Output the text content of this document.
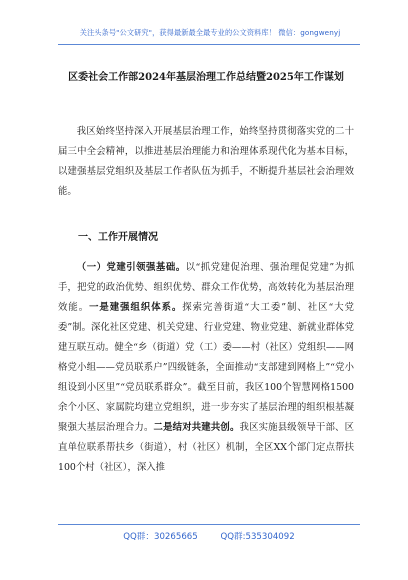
关注头条号"公文研究"，获得最新最全最专业的公文资料库！ 微信：gongwenyj
区委社会工作部2024年基层治理工作总结暨2025年工作谋划
我区始终坚持深入开展基层治理工作，始终坚持贯彻落实党的二十届三中全会精神，以推进基层治理能力和治理体系现代化为基本目标，以建强基层党组织及基层工作者队伍为抓手，不断提升基层社会治理效能。
一、工作开展情况
（一）党建引领强基础。以“抓党建促治理、强治理促党建”为抓手，把党的政治优势、组织优势、群众工作优势，高效转化为基层治理效能。一是建强组织体系。探索完善街道“大工委”制、社区“大党委”制。深化社区党建、机关党建、行业党建、物业党建、新就业群体党建互联互动。健全“乡（街道）党（工）委——村（社区）党组织——网格党小组——党员联系户”四级链条，全面推动“支部建到网格上”“党小组设到小区里”“党员联系群众”。截至目前，我区100个智慧网格1500余个小区、家属院均建立党组织，进一步夯实了基层治理的组织根基凝聚强大基层治理合力。二是结对共建共创。我区实施县级领导干部、区直单位联系帮扶乡（街道），村（社区）机制，全区XX个部门定点帮扶100个村（社区），深入推
QQ群：30265665	QQ群:535304092
